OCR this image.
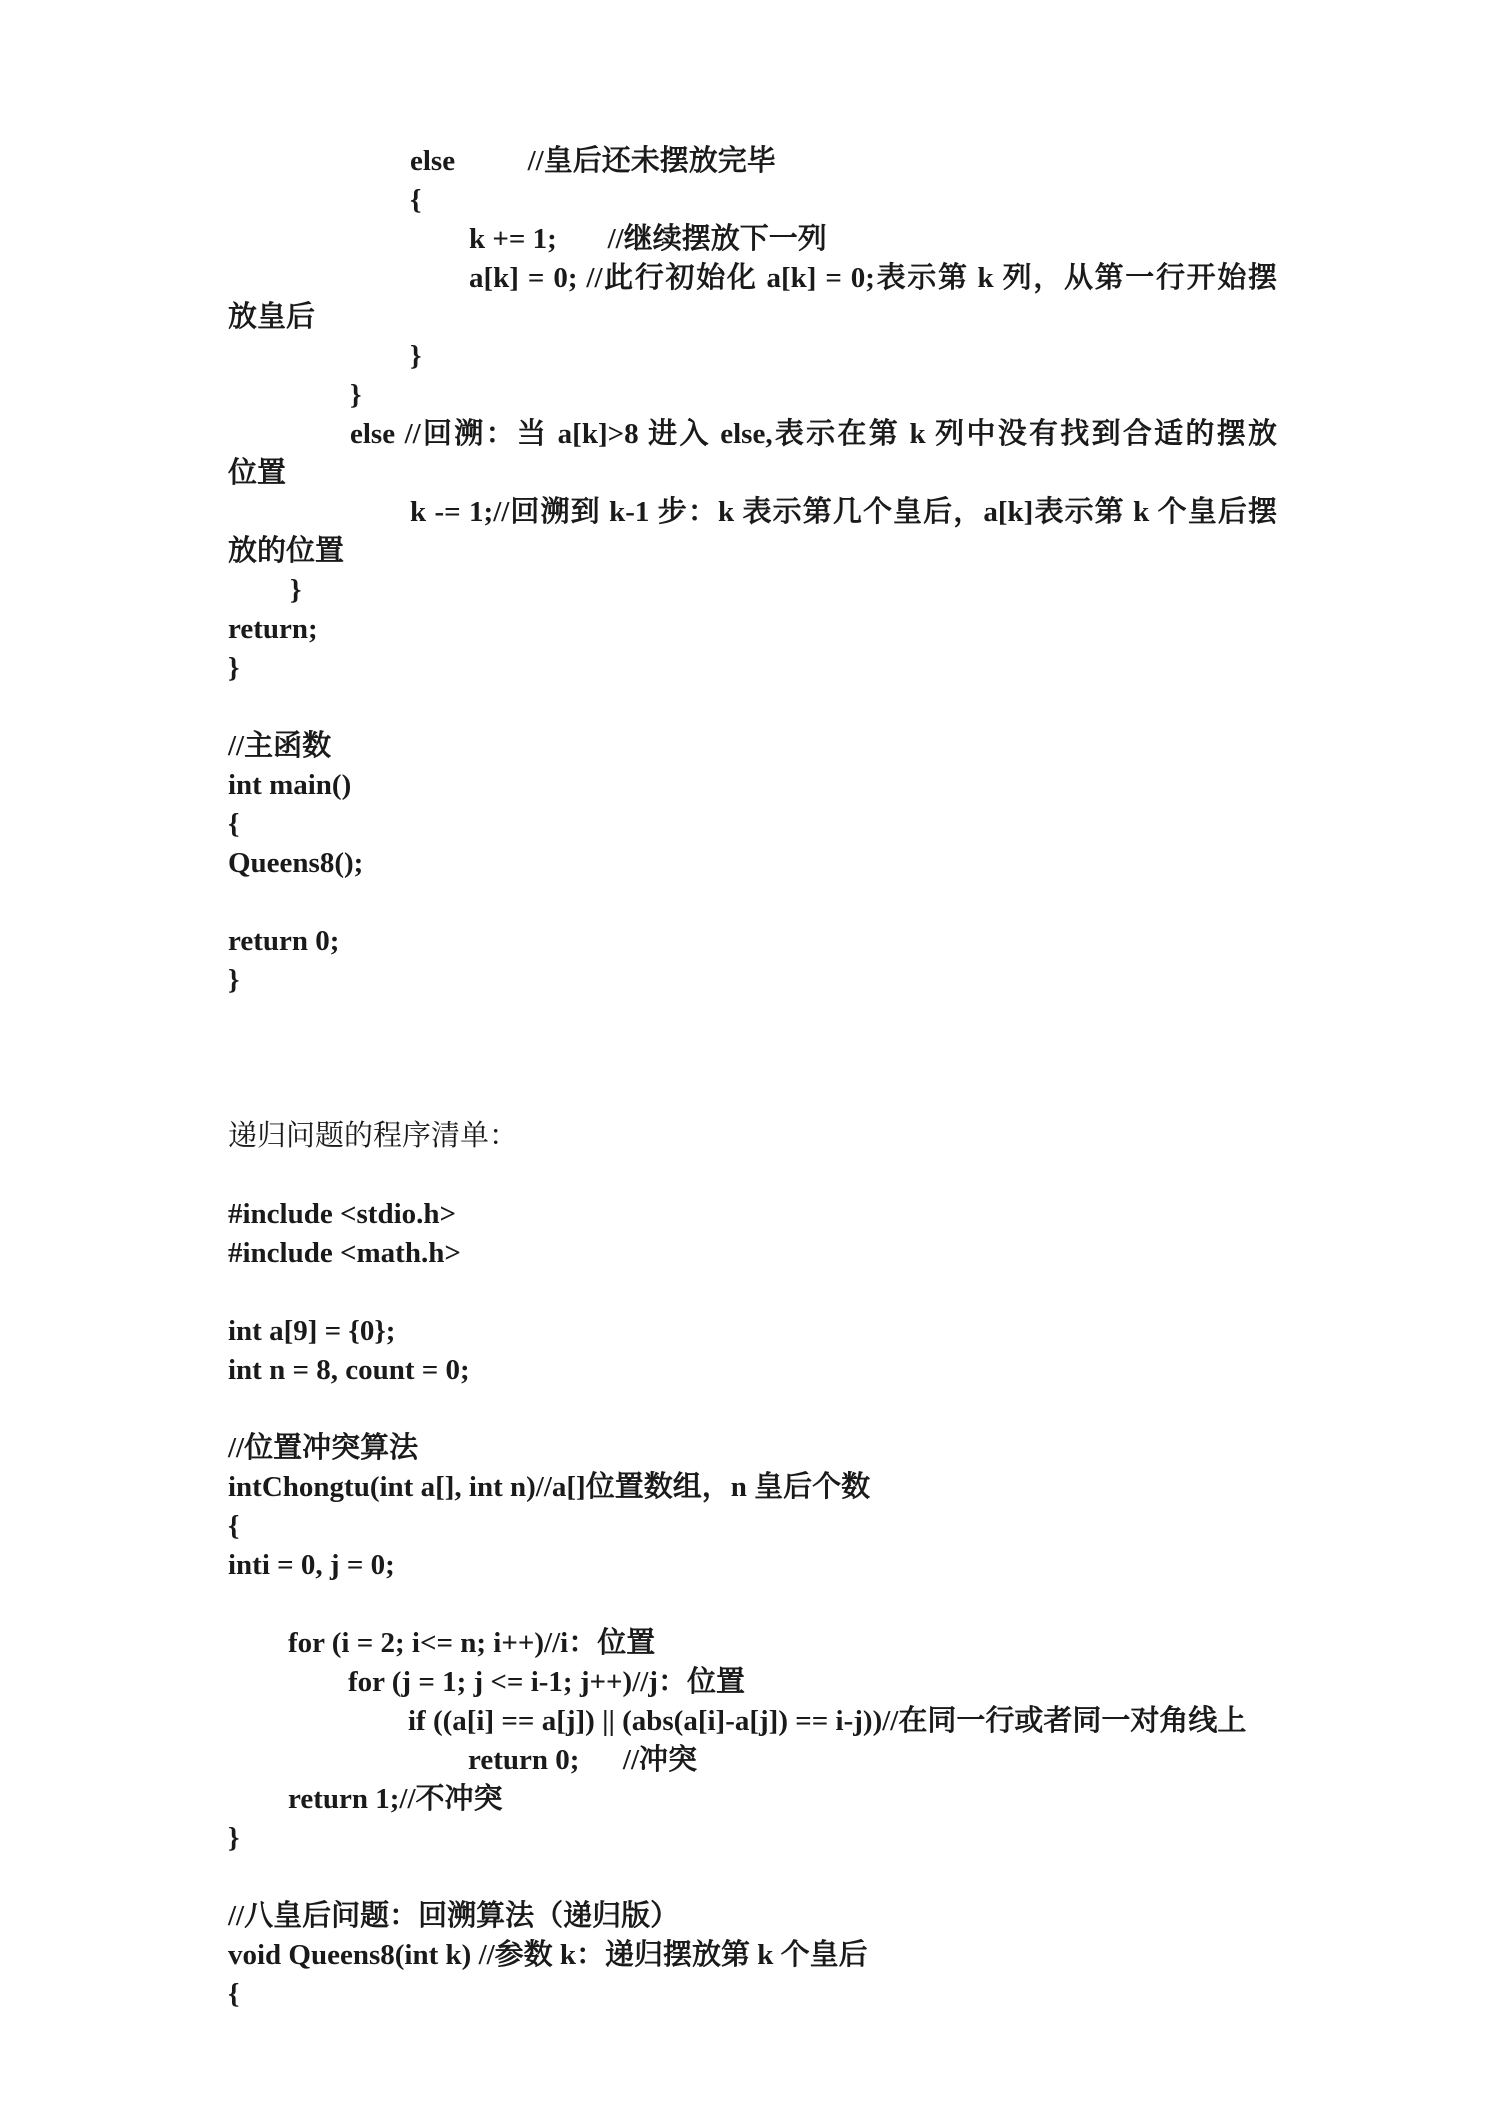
else          //皇后还未摆放完毕

{

k += 1;       //继续摆放下一列

a[k] = 0; //此行初始化 a[k] = 0;表示第 k 列，从第一行开始摆

放皇后

}

}

else //回溯：当 a[k]>8 进入 else,表示在第 k 列中没有找到合适的摆放

位置

k -= 1;//回溯到 k-1 步：k 表示第几个皇后，a[k]表示第 k 个皇后摆

放的位置

}

return;

}

//主函数

int main()

{

Queens8();

return 0;

}

递归问题的程序清单：

#include <stdio.h>

#include <math.h>

int a[9] = {0};

int n = 8, count = 0;

//位置冲突算法

intChongtu(int a[], int n)//a[]位置数组，n 皇后个数

{

inti = 0, j = 0;

for (i = 2; i<= n; i++)//i：位置

for (j = 1; j <= i-1; j++)//j：位置

if ((a[i] == a[j]) || (abs(a[i]-a[j]) == i-j))//在同一行或者同一对角线上

return 0;      //冲突

return 1;//不冲突

}

//八皇后问题：回溯算法（递归版）

void Queens8(int k) //参数 k：递归摆放第 k 个皇后

{
